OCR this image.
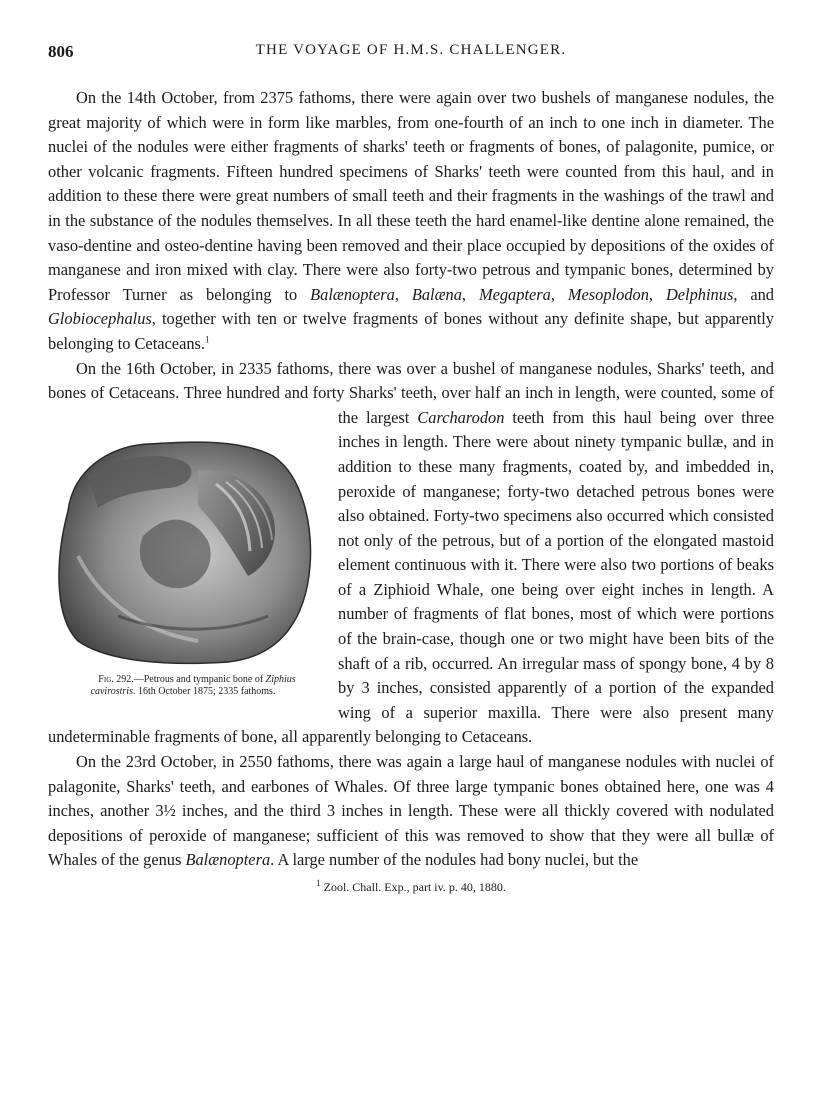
806	THE VOYAGE OF H.M.S. CHALLENGER.

On the 14th October, from 2375 fathoms, there were again over two bushels of manganese nodules, the great majority of which were in form like marbles, from one-fourth of an inch to one inch in diameter. The nuclei of the nodules were either fragments of sharks' teeth or fragments of bones, of palagonite, pumice, or other volcanic fragments. Fifteen hundred specimens of Sharks' teeth were counted from this haul, and in addition to these there were great numbers of small teeth and their fragments in the washings of the trawl and in the substance of the nodules themselves. In all these teeth the hard enamel-like dentine alone remained, the vaso-dentine and osteo-dentine having been removed and their place occupied by depositions of the oxides of manganese and iron mixed with clay. There were also forty-two petrous and tympanic bones, determined by Professor Turner as belonging to Balænoptera, Balæna, Megaptera, Mesoplodon, Delphinus, and Globiocephalus, together with ten or twelve fragments of bones without any definite shape, but apparently belonging to Cetaceans.$^1$

On the 16th October, in 2335 fathoms, there was over a bushel of manganese nodules, Sharks' teeth, and bones of Cetaceans. Three hundred and forty Sharks' teeth, over half an inch in length, were counted, some of the largest Carcharodon
Fig. 292.—Petrous and tympanic bone of Ziphius cavirostris. 16th October 1875; 2335 fathoms.
teeth from this haul being over three inches in length. There were about ninety tympanic bullæ, and in addition to these many fragments, coated by, and imbedded in, peroxide of manganese; forty-two detached petrous bones were also obtained. Forty-two specimens also occurred which consisted not only of the petrous, but of a portion of the elongated mastoid element continuous with it. There were also two portions of beaks of a Ziphioid Whale, one being over eight inches in length. A number of fragments of flat bones, most of which were portions of the brain-case, though one or two might have been bits of the shaft of a rib, occurred. An irregular mass of spongy bone, 4 by 8 by 3 inches, consisted apparently of a portion of the expanded wing of a superior maxilla. There were also present many undeterminable fragments of bone, all apparently belonging to Cetaceans.

On the 23rd October, in 2550 fathoms, there was again a large haul of manganese nodules with nuclei of palagonite, Sharks' teeth, and earbones of Whales. Of three large tympanic bones obtained here, one was 4 inches, another 3½ inches, and the third 3 inches in length. These were all thickly covered with nodulated depositions of peroxide of manganese; sufficient of this was removed to show that they were all bullæ of Whales of the genus Balænoptera. A large number of the nodules had bony nuclei, but the

$^1$ Zool. Chall. Exp., part iv. p. 40, 1880.
